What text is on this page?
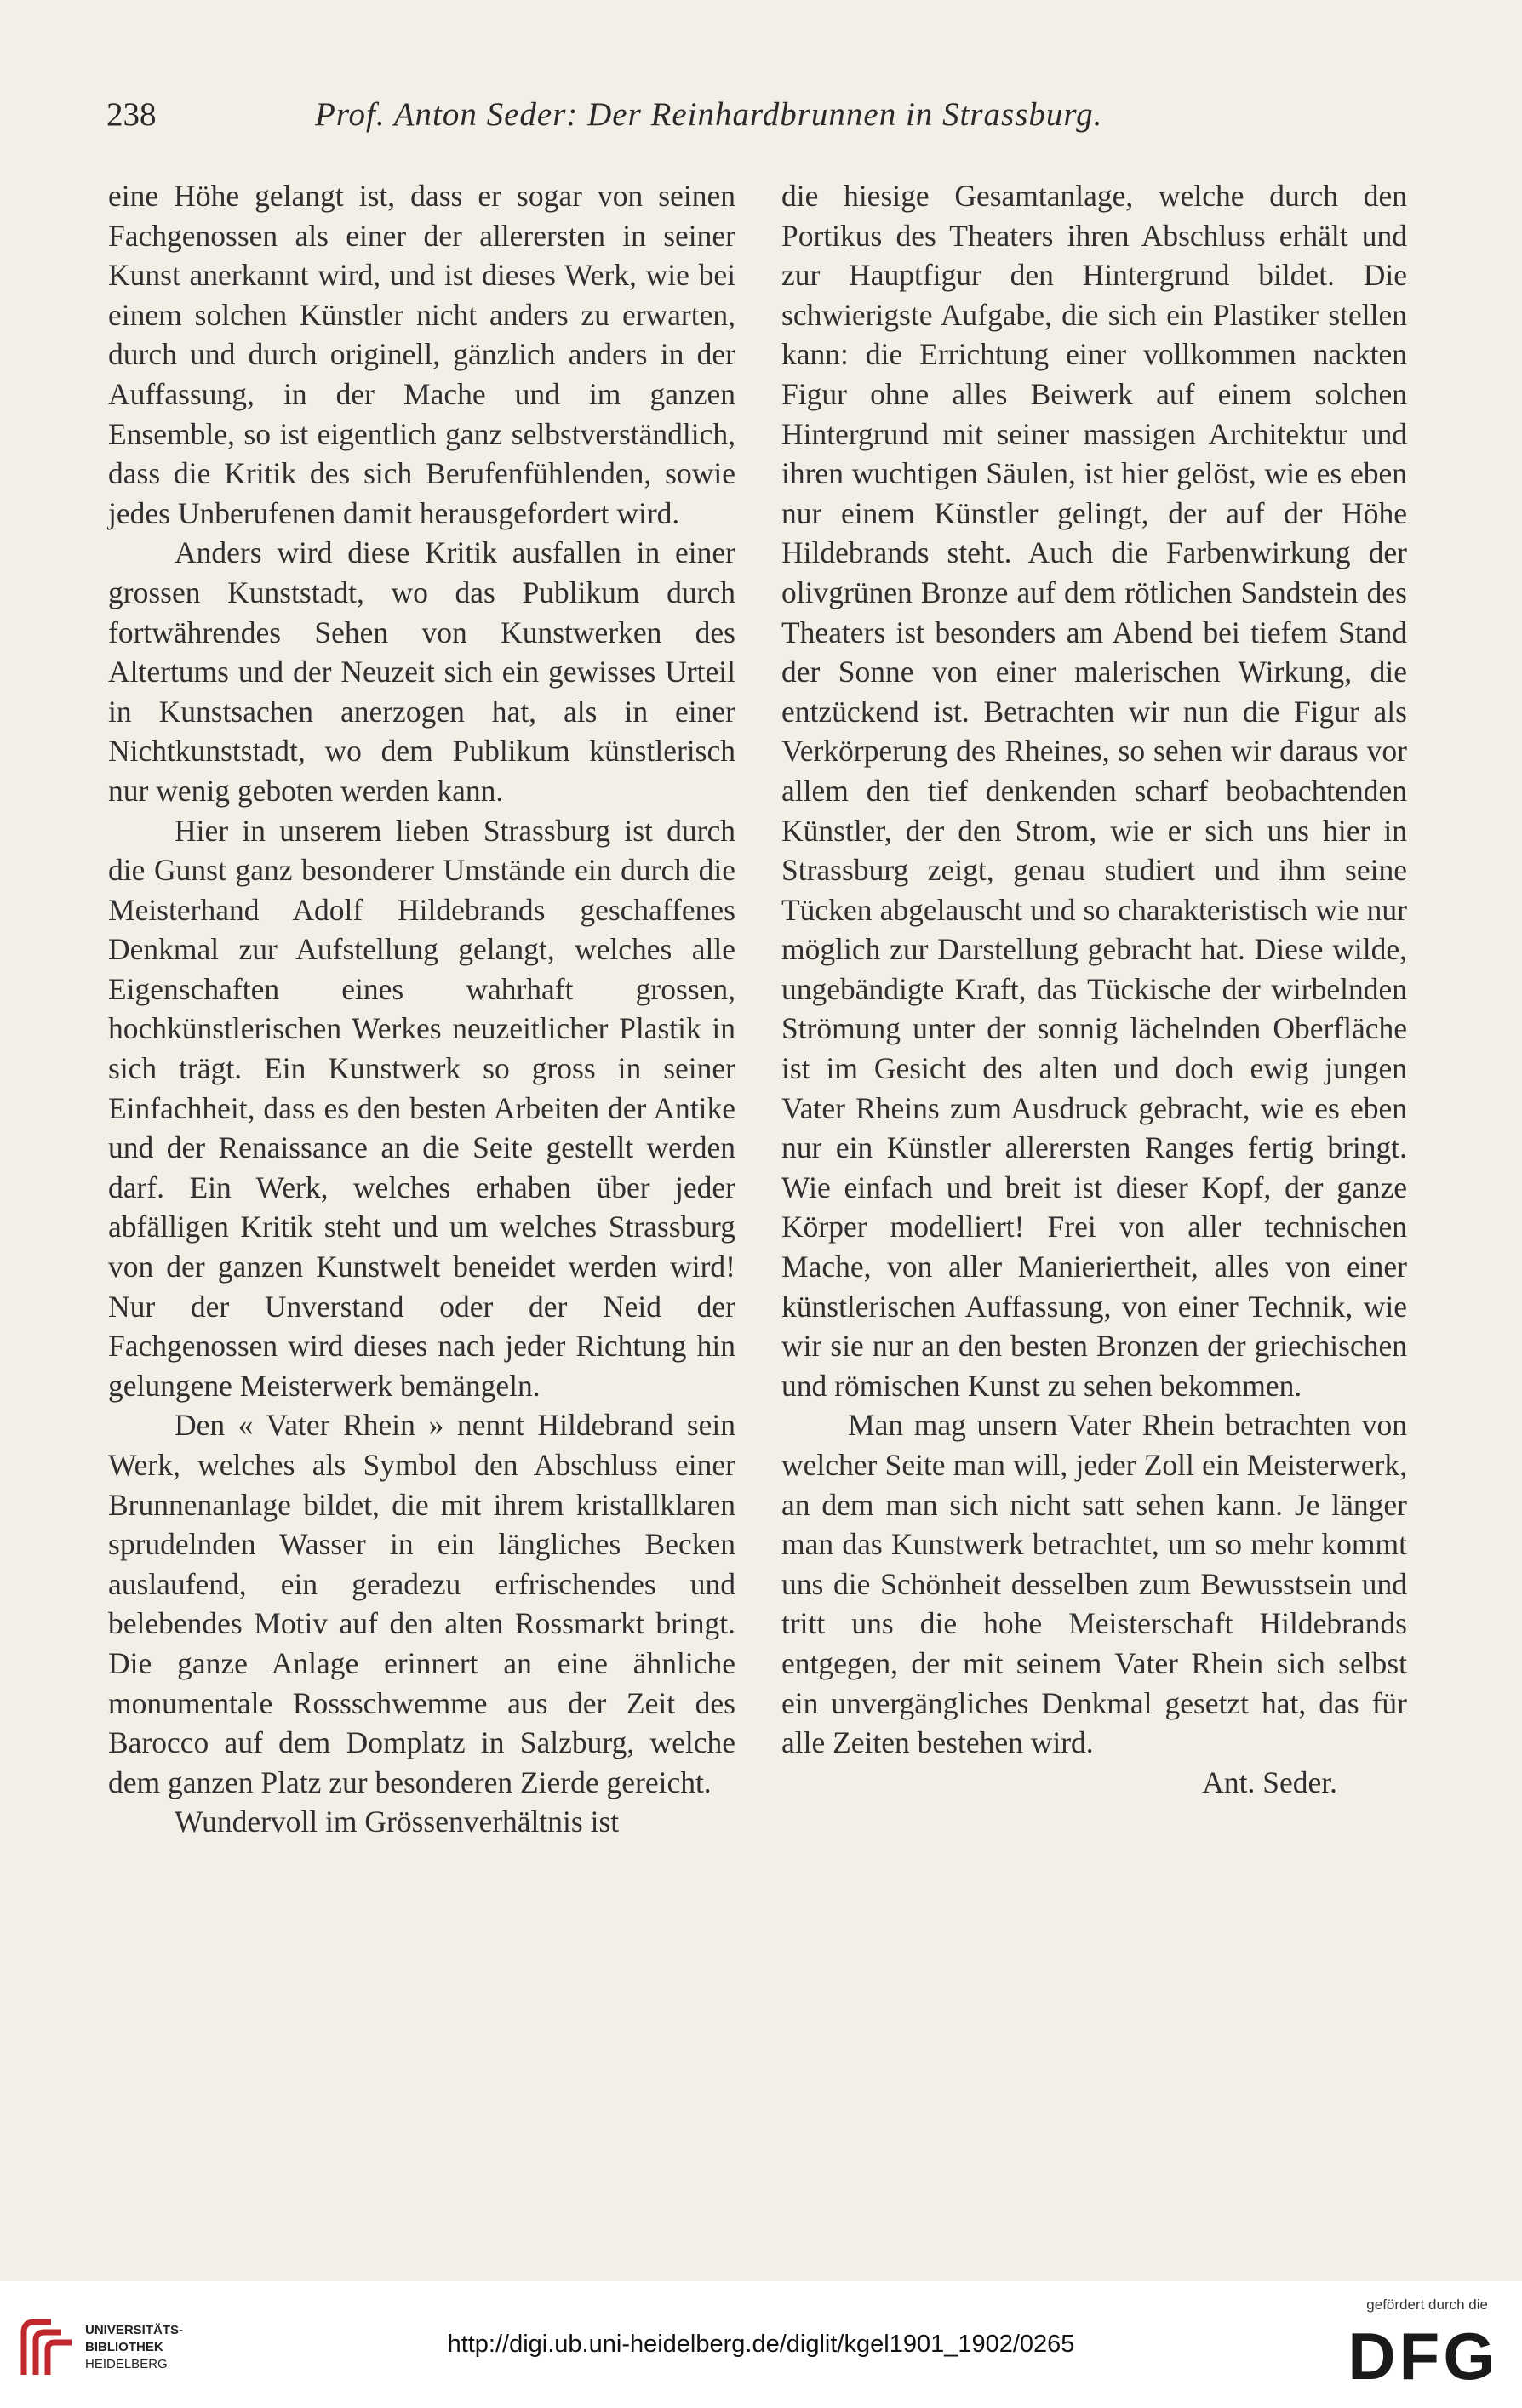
238	Prof. Anton Seder: Der Reinhardbrunnen in Strassburg.

eine Höhe gelangt ist, dass er sogar von seinen Fachgenossen als einer der allerersten in seiner Kunst anerkannt wird, und ist dieses Werk, wie bei einem solchen Künstler nicht anders zu erwarten, durch und durch originell, gänzlich anders in der Auffassung, in der Mache und im ganzen Ensemble, so ist eigentlich ganz selbstverständlich, dass die Kritik des sich Berufenfühlenden, sowie jedes Unberufenen damit herausgefordert wird.

Anders wird diese Kritik ausfallen in einer grossen Kunststadt, wo das Publikum durch fortwährendes Sehen von Kunstwerken des Altertums und der Neuzeit sich ein gewisses Urteil in Kunstsachen anerzogen hat, als in einer Nichtkunststadt, wo dem Publikum künstlerisch nur wenig geboten werden kann.

Hier in unserem lieben Strassburg ist durch die Gunst ganz besonderer Umstände ein durch die Meisterhand Adolf Hildebrands geschaffenes Denkmal zur Aufstellung gelangt, welches alle Eigenschaften eines wahrhaft grossen, hochkünstlerischen Werkes neuzeitlicher Plastik in sich trägt. Ein Kunstwerk so gross in seiner Einfachheit, dass es den besten Arbeiten der Antike und der Renaissance an die Seite gestellt werden darf. Ein Werk, welches erhaben über jeder abfälligen Kritik steht und um welches Strassburg von der ganzen Kunstwelt beneidet werden wird! Nur der Unverstand oder der Neid der Fachgenossen wird dieses nach jeder Richtung hin gelungene Meisterwerk bemängeln.

Den « Vater Rhein » nennt Hildebrand sein Werk, welches als Symbol den Abschluss einer Brunnenanlage bildet, die mit ihrem kristallklaren sprudelnden Wasser in ein längliches Becken auslaufend, ein geradezu erfrischendes und belebendes Motiv auf den alten Rossmarkt bringt. Die ganze Anlage erinnert an eine ähnliche monumentale Rossschwemme aus der Zeit des Barocco auf dem Domplatz in Salzburg, welche dem ganzen Platz zur besonderen Zierde gereicht.

Wundervoll im Grössenverhältnis ist

die hiesige Gesamtanlage, welche durch den Portikus des Theaters ihren Abschluss erhält und zur Hauptfigur den Hintergrund bildet. Die schwierigste Aufgabe, die sich ein Plastiker stellen kann: die Errichtung einer vollkommen nackten Figur ohne alles Beiwerk auf einem solchen Hintergrund mit seiner massigen Architektur und ihren wuchtigen Säulen, ist hier gelöst, wie es eben nur einem Künstler gelingt, der auf der Höhe Hildebrands steht. Auch die Farbenwirkung der olivgrünen Bronze auf dem rötlichen Sandstein des Theaters ist besonders am Abend bei tiefem Stand der Sonne von einer malerischen Wirkung, die entzückend ist. Betrachten wir nun die Figur als Verkörperung des Rheines, so sehen wir daraus vor allem den tief denkenden scharf beobachtenden Künstler, der den Strom, wie er sich uns hier in Strassburg zeigt, genau studiert und ihm seine Tücken abgelauscht und so charakteristisch wie nur möglich zur Darstellung gebracht hat. Diese wilde, ungebändigte Kraft, das Tückische der wirbelnden Strömung unter der sonnig lächelnden Oberfläche ist im Gesicht des alten und doch ewig jungen Vater Rheins zum Ausdruck gebracht, wie es eben nur ein Künstler allerersten Ranges fertig bringt. Wie einfach und breit ist dieser Kopf, der ganze Körper modelliert! Frei von aller technischen Mache, von aller Manieriertheit, alles von einer künstlerischen Auffassung, von einer Technik, wie wir sie nur an den besten Bronzen der griechischen und römischen Kunst zu sehen bekommen.

Man mag unsern Vater Rhein betrachten von welcher Seite man will, jeder Zoll ein Meisterwerk, an dem man sich nicht satt sehen kann. Je länger man das Kunstwerk betrachtet, um so mehr kommt uns die Schönheit desselben zum Bewusstsein und tritt uns die hohe Meisterschaft Hildebrands entgegen, der mit seinem Vater Rhein sich selbst ein unvergängliches Denkmal gesetzt hat, das für alle Zeiten bestehen wird.

Ant. Seder.

UNIVERSITÄTS-
BIBLIOTHEK
HEIDELBERG
http://digi.ub.uni-heidelberg.de/diglit/kgel1901_1902/0265
gefördert durch die
DFG
